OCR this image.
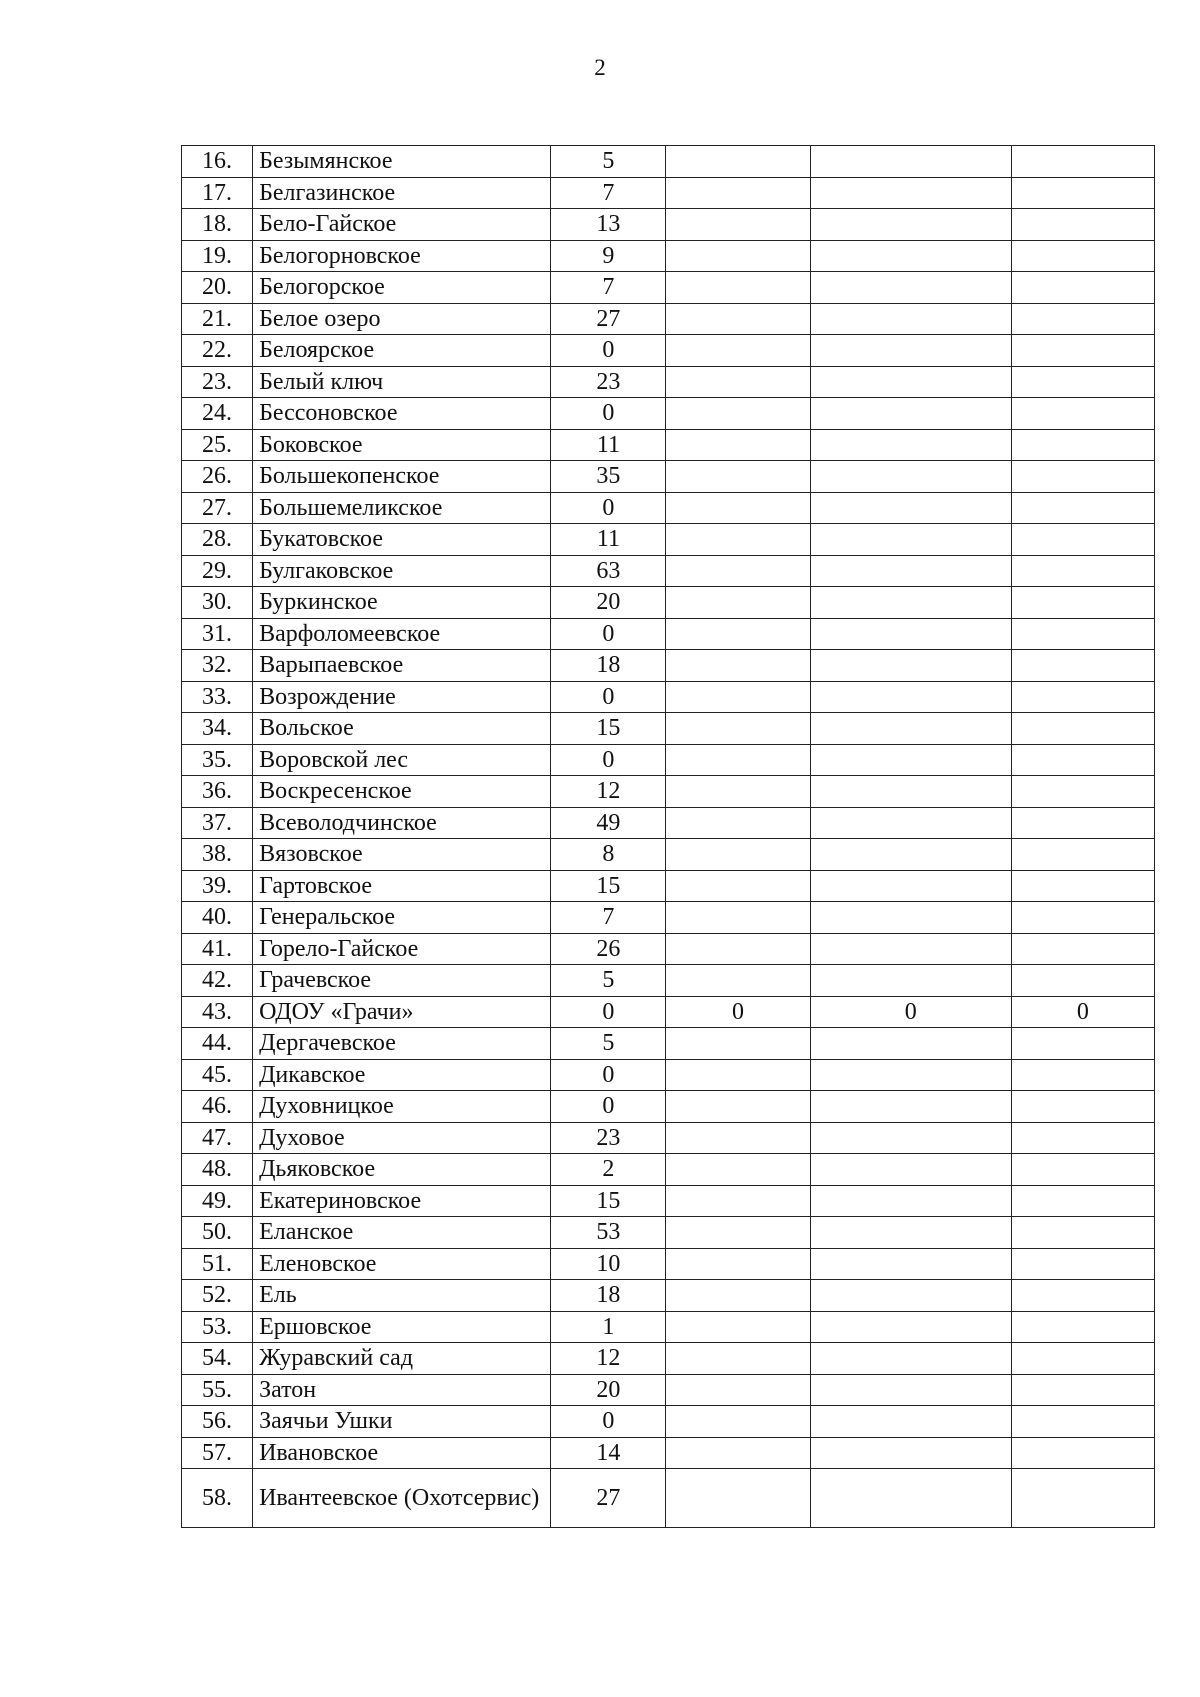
2
16.	Безымянское	5			
17.	Белгазинское	7			
18.	Бело-Гайское	13			
19.	Белогорновское	9			
20.	Белогорское	7			
21.	Белое озеро	27			
22.	Белоярское	0			
23.	Белый ключ	23			
24.	Бессоновское	0			
25.	Боковское	11			
26.	Большекопенское	35			
27.	Большемеликское	0			
28.	Букатовское	11			
29.	Булгаковское	63			
30.	Буркинское	20			
31.	Варфоломеевское	0			
32.	Варыпаевское	18			
33.	Возрождение	0			
34.	Вольское	15			
35.	Воровской лес	0			
36.	Воскресенское	12			
37.	Всеволодчинское	49			
38.	Вязовское	8			
39.	Гартовское	15			
40.	Генеральское	7			
41.	Горело-Гайское	26			
42.	Грачевское	5			
43.	ОДОУ «Грачи»	0	0	0	0
44.	Дергачевское	5			
45.	Дикавское	0			
46.	Духовницкое	0			
47.	Духовое	23			
48.	Дьяковское	2			
49.	Екатериновское	15			
50.	Еланское	53			
51.	Еленовское	10			
52.	Ель	18			
53.	Ершовское	1			
54.	Журавский сад	12			
55.	Затон	20			
56.	Заячьи Ушки	0			
57.	Ивановское	14			
58.	Ивантеевское (Охотсервис)	27			
